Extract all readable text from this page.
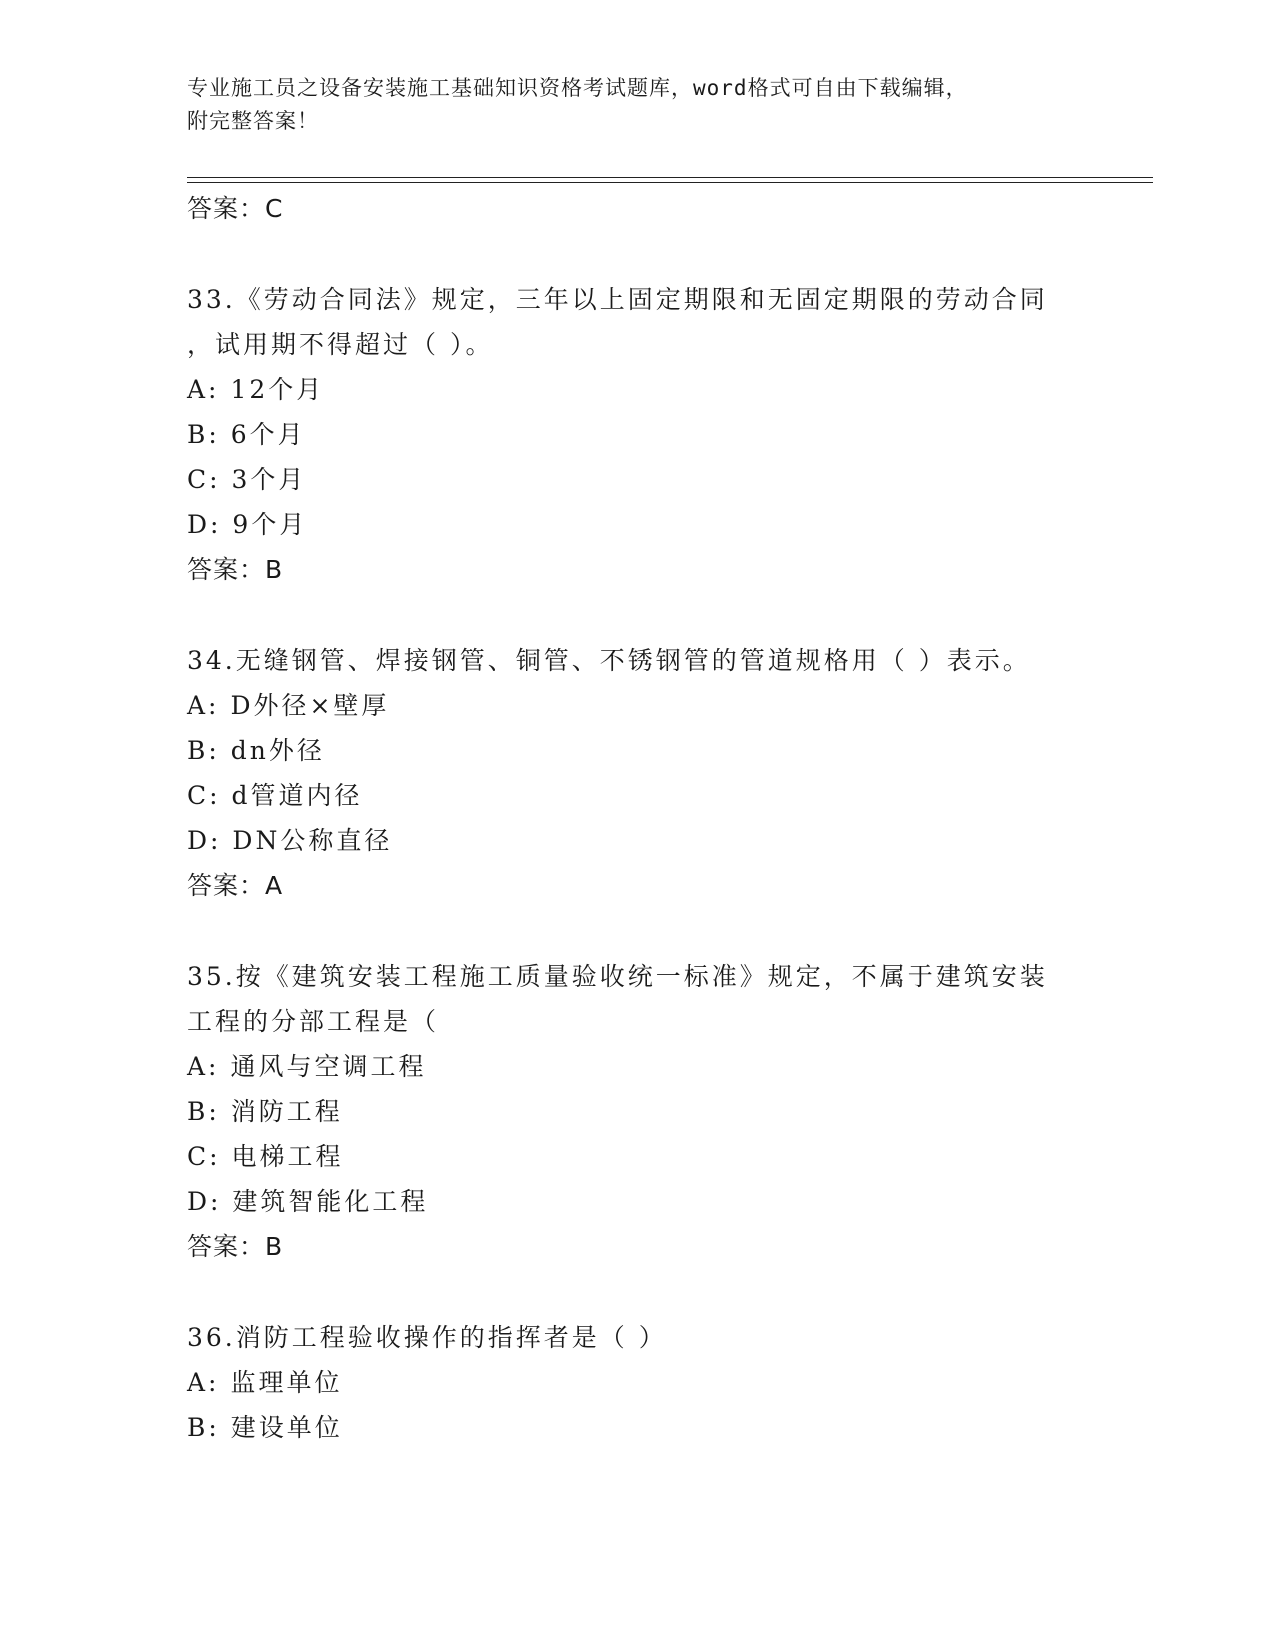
专业施工员之设备安装施工基础知识资格考试题库，word格式可自由下载编辑，
附完整答案！
答案：C
33.《劳动合同法》规定，三年以上固定期限和无固定期限的劳动合同
，试用期不得超过（ ）。
A: 12个月
B: 6个月
C: 3个月
D: 9个月
答案：B
34.无缝钢管、焊接钢管、铜管、不锈钢管的管道规格用（ ）表示。
A: D外径×壁厚
B: dn外径
C: d管道内径
D: DN公称直径
答案：A
35.按《建筑安装工程施工质量验收统一标准》规定，不属于建筑安装
工程的分部工程是（
A: 通风与空调工程
B: 消防工程
C: 电梯工程
D: 建筑智能化工程
答案：B
36.消防工程验收操作的指挥者是（ ）
A: 监理单位
B: 建设单位
